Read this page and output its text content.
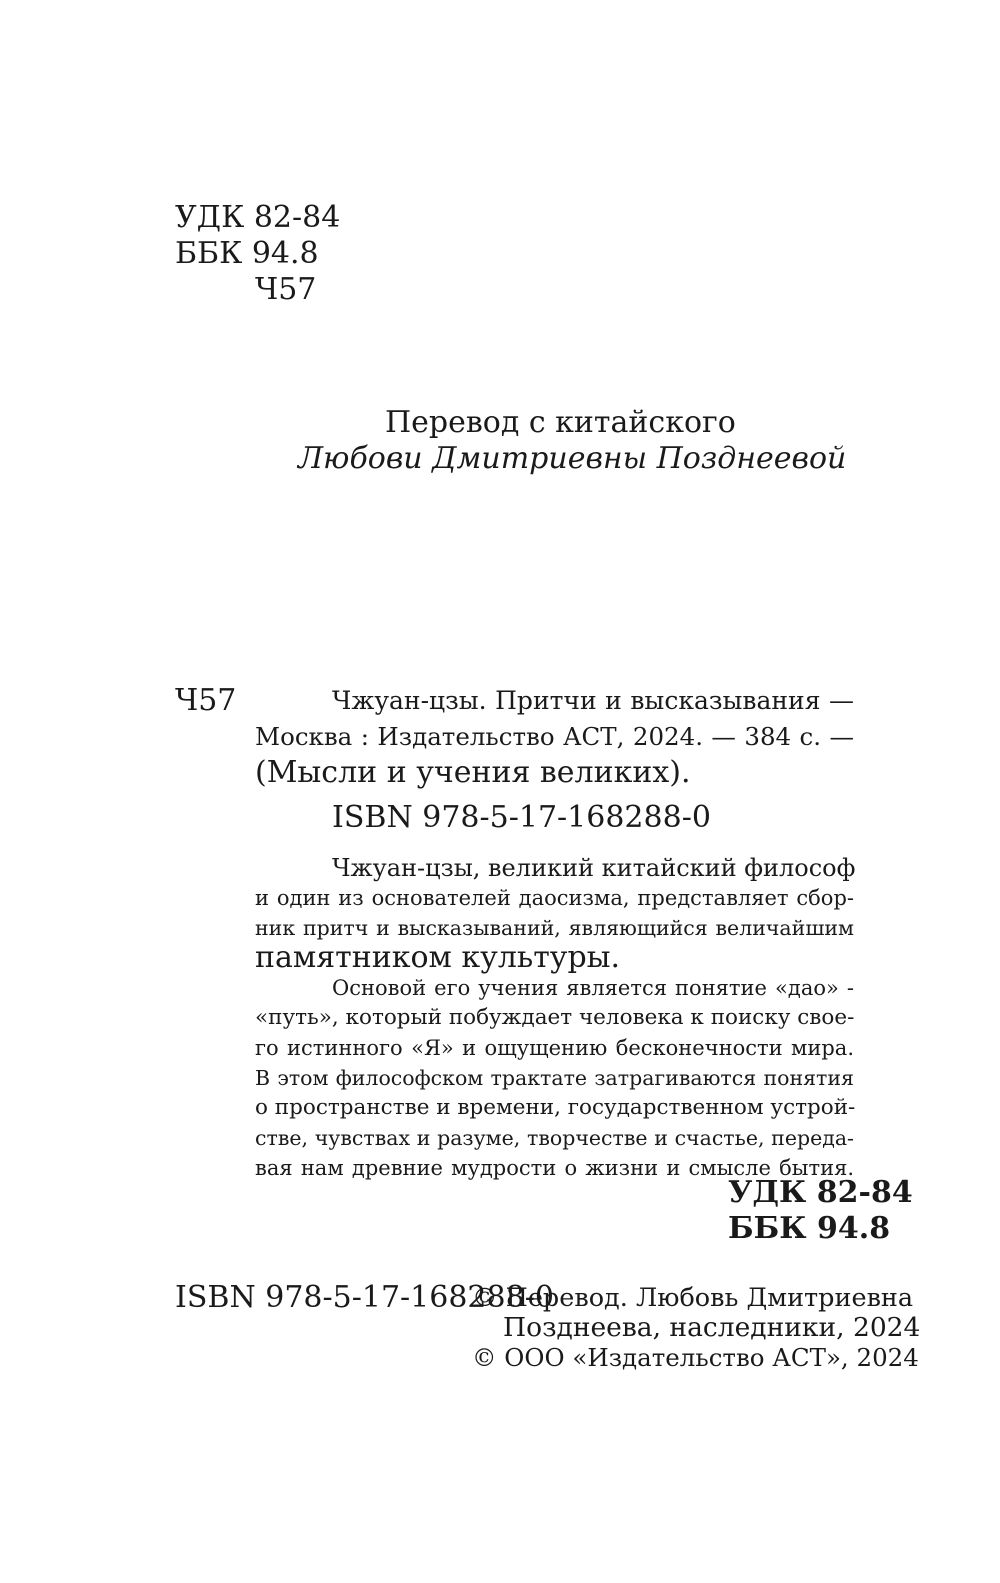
УДК 82-84
ББК 94.8
Ч57
Перевод с китайского
Любови Дмитриевны Позднеевой
Ч57	Чжуан-цзы. Притчи и высказывания —
Москва : Издательство АСТ, 2024. — 384 с. —
(Мысли и учения великих).
ISBN 978-5-17-168288-0
Чжуан-цзы, великий китайский философ
и один из основателей даосизма, представляет сбор-
ник притч и высказываний, являющийся величайшим
памятником культуры.
Основой его учения является понятие «дао» -
«путь», который побуждает человека к поиску свое-
го истинного «Я» и ощущению бесконечности мира.
В этом философском трактате затрагиваются понятия
о пространстве и времени, государственном устрой-
стве, чувствах и разуме, творчестве и счастье, переда-
вая нам древние мудрости о жизни и смысле бытия.
УДК 82-84
ББК 94.8
ISBN 978-5-17-168288-0
© Перевод. Любовь Дмитриевна
Позднеева, наследники, 2024
© ООО «Издательство АСТ», 2024
